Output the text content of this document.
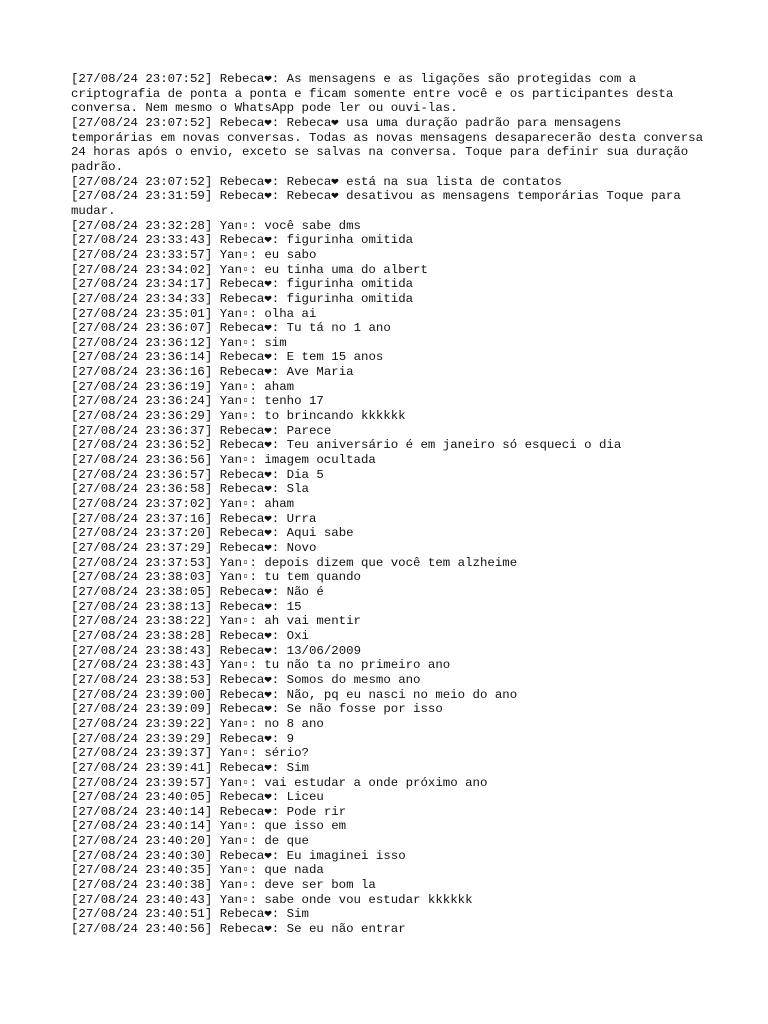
[27/08/24 23:07:52] Rebeca❤: As mensagens e as ligações são protegidas com a criptografia de ponta a ponta e ficam somente entre você e os participantes desta conversa. Nem mesmo o WhatsApp pode ler ou ouvi-las.
[27/08/24 23:07:52] Rebeca❤: Rebeca❤ usa uma duração padrão para mensagens temporárias em novas conversas. Todas as novas mensagens desaparecerão desta conversa 24 horas após o envio, exceto se salvas na conversa. Toque para definir sua duração padrão.
[27/08/24 23:07:52] Rebeca❤: Rebeca❤ está na sua lista de contatos
[27/08/24 23:31:59] Rebeca❤: Rebeca❤ desativou as mensagens temporárias Toque para mudar.
[27/08/24 23:32:28] Yan▫: você sabe dms
[27/08/24 23:33:43] Rebeca❤: figurinha omitida
[27/08/24 23:33:57] Yan▫: eu sabo
[27/08/24 23:34:02] Yan▫: eu tinha uma do albert
[27/08/24 23:34:17] Rebeca❤: figurinha omitida
[27/08/24 23:34:33] Rebeca❤: figurinha omitida
[27/08/24 23:35:01] Yan▫: olha ai
[27/08/24 23:36:07] Rebeca❤: Tu tá no 1 ano
[27/08/24 23:36:12] Yan▫: sim
[27/08/24 23:36:14] Rebeca❤: E tem 15 anos
[27/08/24 23:36:16] Rebeca❤: Ave Maria
[27/08/24 23:36:19] Yan▫: aham
[27/08/24 23:36:24] Yan▫: tenho 17
[27/08/24 23:36:29] Yan▫: to brincando kkkkkk
[27/08/24 23:36:37] Rebeca❤: Parece
[27/08/24 23:36:52] Rebeca❤: Teu aniversário é em janeiro só esqueci o dia
[27/08/24 23:36:56] Yan▫: imagem ocultada
[27/08/24 23:36:57] Rebeca❤: Dia 5
[27/08/24 23:36:58] Rebeca❤: Sla
[27/08/24 23:37:02] Yan▫: aham
[27/08/24 23:37:16] Rebeca❤: Urra
[27/08/24 23:37:20] Rebeca❤: Aqui sabe
[27/08/24 23:37:29] Rebeca❤: Novo
[27/08/24 23:37:53] Yan▫: depois dizem que você tem alzheime
[27/08/24 23:38:03] Yan▫: tu tem quando
[27/08/24 23:38:05] Rebeca❤: Não é
[27/08/24 23:38:13] Rebeca❤: 15
[27/08/24 23:38:22] Yan▫: ah vai mentir
[27/08/24 23:38:28] Rebeca❤: Oxi
[27/08/24 23:38:43] Rebeca❤: 13/06/2009
[27/08/24 23:38:43] Yan▫: tu não ta no primeiro ano
[27/08/24 23:38:53] Rebeca❤: Somos do mesmo ano
[27/08/24 23:39:00] Rebeca❤: Não, pq eu nasci no meio do ano
[27/08/24 23:39:09] Rebeca❤: Se não fosse por isso
[27/08/24 23:39:22] Yan▫: no 8 ano
[27/08/24 23:39:29] Rebeca❤: 9
[27/08/24 23:39:37] Yan▫: sério?
[27/08/24 23:39:41] Rebeca❤: Sim
[27/08/24 23:39:57] Yan▫: vai estudar a onde próximo ano
[27/08/24 23:40:05] Rebeca❤: Liceu
[27/08/24 23:40:14] Rebeca❤: Pode rir
[27/08/24 23:40:14] Yan▫: que isso em
[27/08/24 23:40:20] Yan▫: de que
[27/08/24 23:40:30] Rebeca❤: Eu imaginei isso
[27/08/24 23:40:35] Yan▫: que nada
[27/08/24 23:40:38] Yan▫: deve ser bom la
[27/08/24 23:40:43] Yan▫: sabe onde vou estudar kkkkkk
[27/08/24 23:40:51] Rebeca❤: Sim
[27/08/24 23:40:56] Rebeca❤: Se eu não entrar
